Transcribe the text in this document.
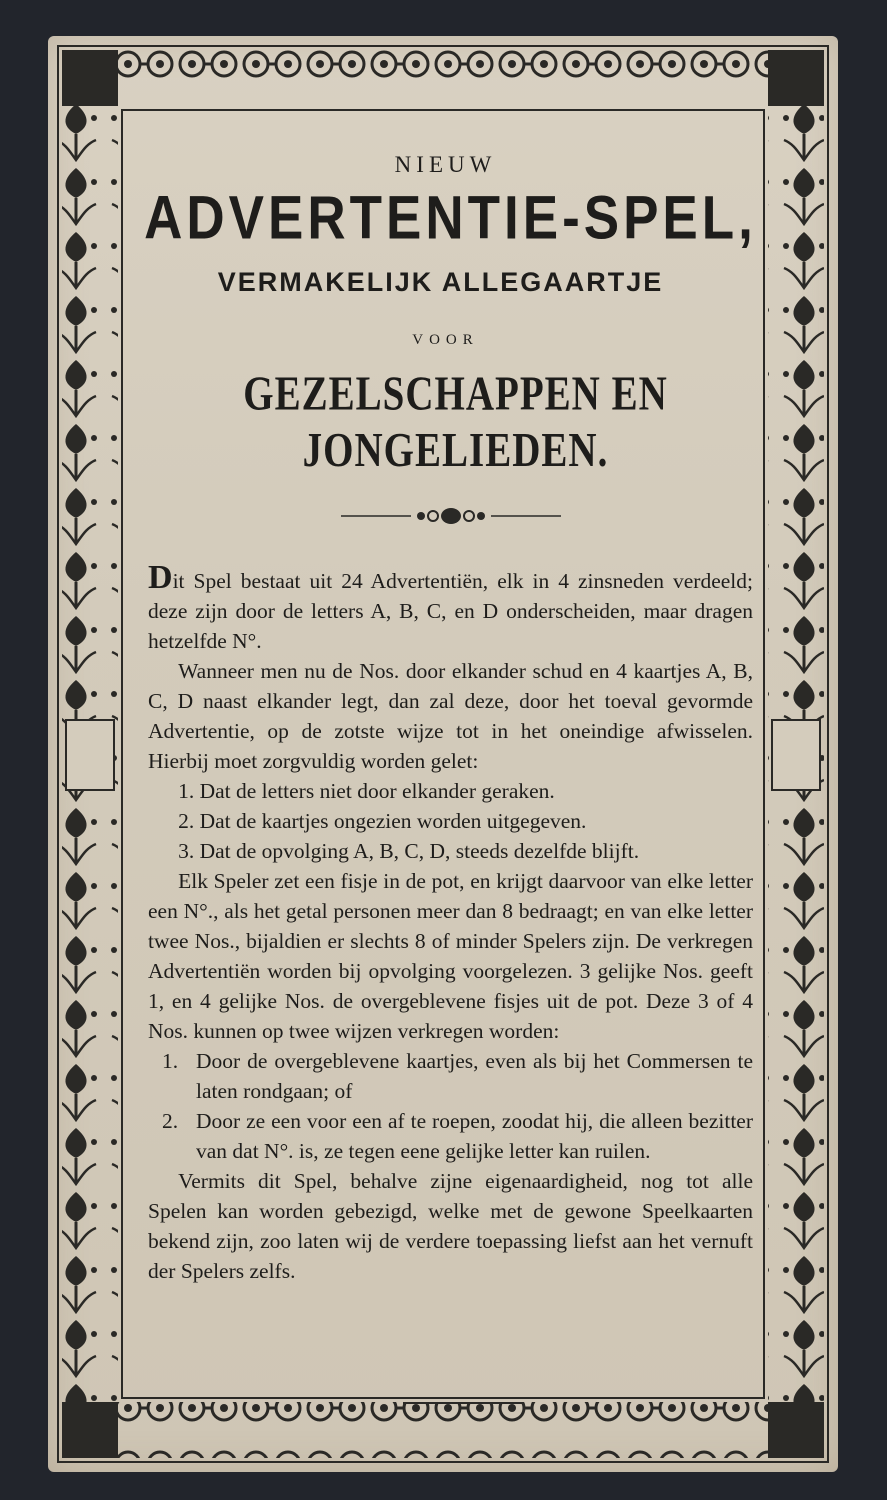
NIEUW
ADVERTENTIE-SPEL,
VERMAKELIJK ALLEGAARTJE
VOOR
GEZELSCHAPPEN EN JONGELIEDEN.

Dit Spel bestaat uit 24 Advertentiën, elk in 4 zinsneden verdeeld; deze zijn door de letters A, B, C, en D onderscheiden, maar dragen hetzelfde N°.

Wanneer men nu de Nos. door elkander schud en 4 kaartjes A, B, C, D naast elkander legt, dan zal deze, door het toeval gevormde Advertentie, op de zotste wijze tot in het oneindige afwisselen. Hierbij moet zorgvuldig worden gelet:

1. Dat de letters niet door elkander geraken.

2. Dat de kaartjes ongezien worden uitgegeven.

3. Dat de opvolging A, B, C, D, steeds dezelfde blijft.

Elk Speler zet een fisje in de pot, en krijgt daarvoor van elke letter een N°., als het getal personen meer dan 8 bedraagt; en van elke letter twee Nos., bijaldien er slechts 8 of minder Spelers zijn. De verkregen Advertentiën worden bij opvolging voorgelezen. 3 gelijke Nos. geeft 1, en 4 gelijke Nos. de overgeblevene fisjes uit de pot. Deze 3 of 4 Nos. kunnen op twee wijzen verkregen worden:

1. Door de overgeblevene kaartjes, even als bij het Commersen te laten rondgaan; of
2. Door ze een voor een af te roepen, zoodat hij, die alleen bezitter van dat N°. is, ze tegen eene gelijke letter kan ruilen.

Vermits dit Spel, behalve zijne eigenaardigheid, nog tot alle Spelen kan worden gebezigd, welke met de gewone Speelkaarten bekend zijn, zoo laten wij de verdere toepassing liefst aan het vernuft der Spelers zelfs.
